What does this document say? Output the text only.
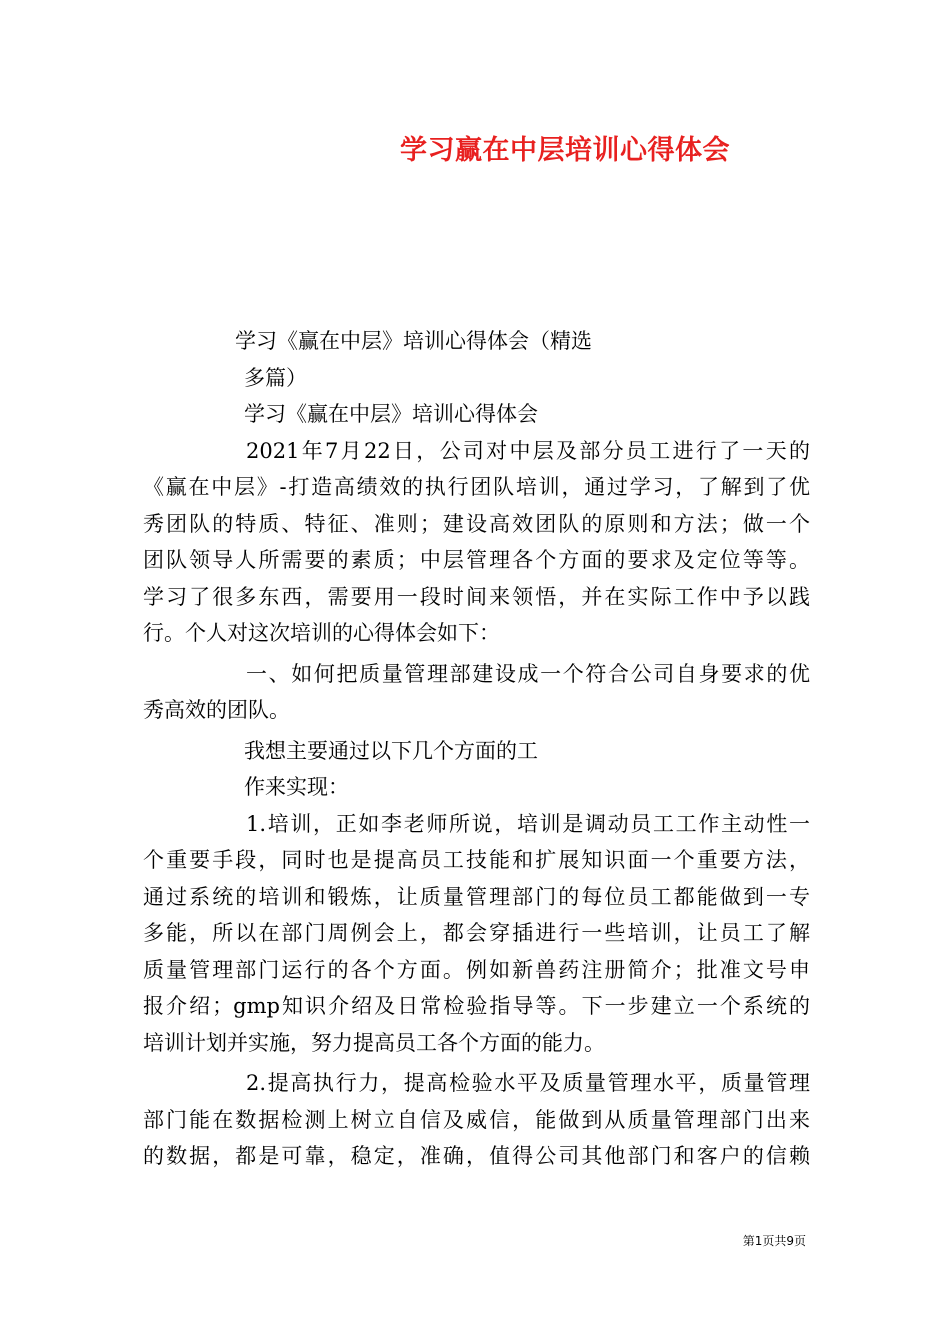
学习赢在中层培训心得体会
学习《赢在中层》培训心得体会（精选
多篇）
学习《赢在中层》培训心得体会
2021年7月22日，公司对中层及部分员工进行了一天的
《赢在中层》-打造高绩效的执行团队培训，通过学习，了解到了优
秀团队的特质、特征、准则；建设高效团队的原则和方法；做一个
团队领导人所需要的素质；中层管理各个方面的要求及定位等等。
学习了很多东西，需要用一段时间来领悟，并在实际工作中予以践
行。个人对这次培训的心得体会如下：
一、如何把质量管理部建设成一个符合公司自身要求的优
秀高效的团队。
我想主要通过以下几个方面的工
作来实现：
1.培训，正如李老师所说，培训是调动员工工作主动性一
个重要手段，同时也是提高员工技能和扩展知识面一个重要方法，
通过系统的培训和锻炼，让质量管理部门的每位员工都能做到一专
多能，所以在部门周例会上，都会穿插进行一些培训，让员工了解
质量管理部门运行的各个方面。例如新兽药注册简介；批准文号申
报介绍；gmp知识介绍及日常检验指导等。下一步建立一个系统的
培训计划并实施，努力提高员工各个方面的能力。
2.提高执行力，提高检验水平及质量管理水平，质量管理
部门能在数据检测上树立自信及威信，能做到从质量管理部门出来
的数据，都是可靠，稳定，准确，值得公司其他部门和客户的信赖
第1页共9页
